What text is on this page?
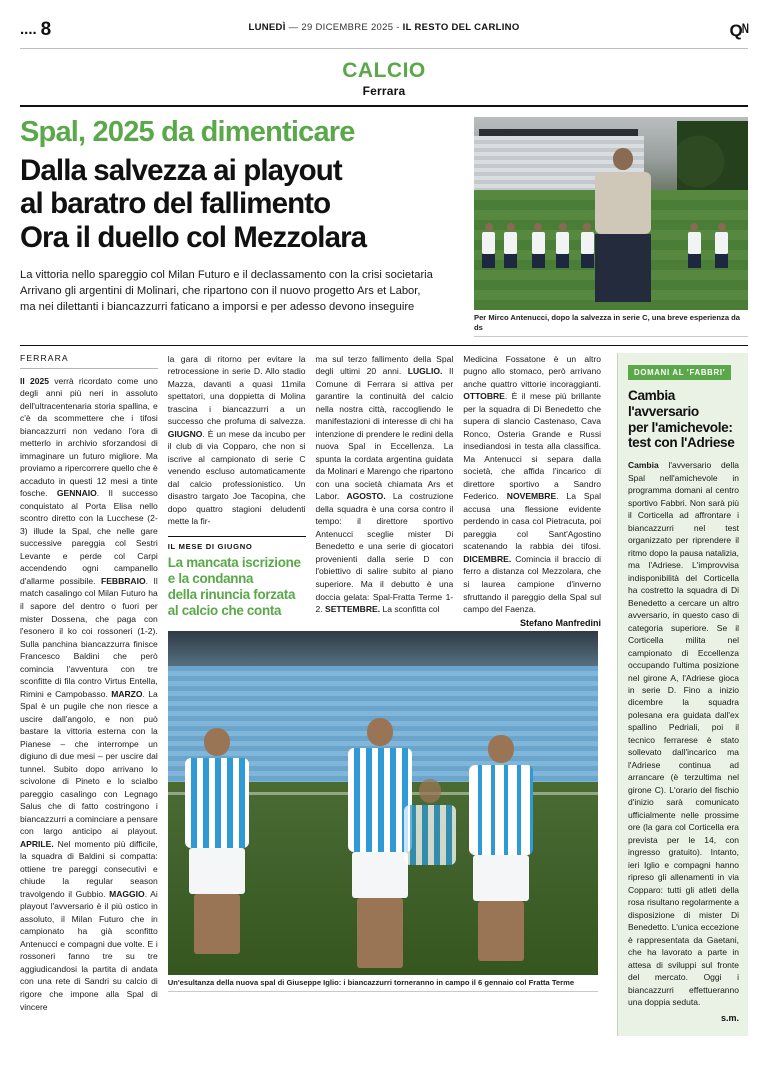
.... 8	LUNEDÌ — 29 DICEMBRE 2025 - IL RESTO DEL CARLINO	Q N
CALCIO
Ferrara
Spal, 2025 da dimenticare
Dalla salvezza ai playout
al baratro del fallimento
Ora il duello col Mezzolara
La vittoria nello spareggio col Milan Futuro e il declassamento con la crisi societaria
Arrivano gli argentini di Molinari, che ripartono con il nuovo progetto Ars et Labor,
ma nei dilettanti i biancazzurri faticano a imporsi e per adesso devono inseguire
Per Mirco Antenucci, dopo la salvezza in serie C, una breve esperienza da ds
FERRARA
Il 2025 verrà ricordato come uno degli anni più neri in assoluto dell'ultracentenaria storia spallina, e c'è da scommettere che i tifosi biancazzurri non vedano l'ora di metterlo in archivio sforzandosi di immaginare un futuro migliore. Ma proviamo a ripercorrere quello che è accaduto in questi 12 mesi a tinte fosche. GENNAIO. Il successo conquistato al Porta Elisa nello scontro diretto con la Lucchese (2-3) illude la Spal, che nelle gare successive pareggia col Sestri Levante e perde col Carpi accendendo ogni campanello d'allarme possibile. FEBBRAIO. Il match casalingo col Milan Futuro ha il sapore del dentro o fuori per mister Dossena, che paga con l'esonero il ko coi rossoneri (1-2). Sulla panchina biancazzurra finisce Francesco Baldini che però comincia l'avventura con tre sconfitte di fila contro Virtus Entella, Rimini e Campobasso. MARZO. La Spal è un pugile che non riesce a uscire dall'angolo, e non può bastare la vittoria esterna con la Pianese – che interrompe un digiuno di due mesi – per uscire dal tunnel. Subito dopo arrivano lo scivolone di Pineto e lo scialbo pareggio casalingo con Legnago Salus che di fatto costringono i biancazzurri a cominciare a pensare con largo anticipo ai playout. APRILE. Nel momento più difficile, la squadra di Baldini si compatta: ottiene tre pareggi consecutivi e chiude la regular season travolgendo il Gubbio. MAGGIO. Ai playout l'avversario è il più ostico in assoluto, il Milan Futuro che in campionato ha già sconfitto Antenucci e compagni due volte. E i rossoneri fanno tre su tre aggiudicandosi la partita di andata con una rete di Sandri su calcio di rigore che impone alla Spal di vincere
la gara di ritorno per evitare la retrocessione in serie D. Allo stadio Mazza, davanti a quasi 11mila spettatori, una doppietta di Molina trascina i biancazzurri a un successo che profuma di salvezza. GIUGNO. È un mese da incubo per il club di via Copparo, che non si iscrive al campionato di serie C venendo escluso automaticamente dal calcio professionistico. Un disastro targato Joe Tacopina, che dopo quattro stagioni deludenti mette la fir-
IL MESE DI GIUGNO
La mancata iscrizione
e la condanna
della rinuncia forzata
al calcio che conta
Un'esultanza della nuova spal di Giuseppe Iglio: i biancazzurri torneranno in campo il 6 gennaio col Fratta Terme
ma sul terzo fallimento della Spal degli ultimi 20 anni. LUGLIO. Il Comune di Ferrara si attiva per garantire la continuità del calcio nella nostra città, raccogliendo le manifestazioni di interesse di chi ha intenzione di prendere le redini della nuova Spal in Eccellenza. La spunta la cordata argentina guidata da Molinari e Marengo che ripartono con una società chiamata Ars et Labor. AGOSTO. La costruzione della squadra è una corsa contro il tempo: il direttore sportivo Antenucci sceglie mister Di Benedetto e una serie di giocatori provenienti dalla serie D con l'obiettivo di salire subito al piano superiore. Ma il debutto è una doccia gelata: Spal-Fratta Terme 1-2. SETTEMBRE. La sconfitta col
Medicina Fossatone è un altro pugno allo stomaco, però arrivano anche quattro vittorie incoraggianti. OTTOBRE. È il mese più brillante per la squadra di Di Benedetto che supera di slancio Castenaso, Cava Ronco, Osteria Grande e Russi insediandosi in testa alla classifica. Ma Antenucci si separa dalla società, che affida l'incarico di direttore sportivo a Sandro Federico. NOVEMBRE. La Spal accusa una flessione evidente perdendo in casa col Pietracuta, poi pareggia col Sant'Agostino scatenando la rabbia dei tifosi. DICEMBRE. Comincia il braccio di ferro a distanza col Mezzolara, che si laurea campione d'inverno sfruttando il pareggio della Spal sul campo del Faenza.
Stefano Manfredini
DOMANI AL 'FABBRI'
Cambia l'avversario
per l'amichevole:
test con l'Adriese
Cambia l'avversario della Spal nell'amichevole in programma domani al centro sportivo Fabbri. Non sarà più il Corticella ad affrontare i biancazzurri nel test organizzato per riprendere il ritmo dopo la pausa natalizia, ma l'Adriese. L'improvvisa indisponibilità del Corticella ha costretto la squadra di Di Benedetto a cercare un altro avversario, in questo caso di categoria superiore. Se il Corticella milita nel campionato di Eccellenza occupando l'ultima posizione nel girone A, l'Adriese gioca in serie D. Fino a inizio dicembre la squadra polesana era guidata dall'ex spallino Pedriali, poi il tecnico ferrarese è stato sollevato dall'incarico ma l'Adriese continua ad arrancare (è terzultima nel girone C). L'orario del fischio d'inizio sarà comunicato ufficialmente nelle prossime ore (la gara col Corticella era prevista per le 14, con ingresso gratuito). Intanto, ieri Iglio e compagni hanno ripreso gli allenamenti in via Copparo: tutti gli atleti della rosa risultano regolarmente a disposizione di mister Di Benedetto. L'unica eccezione è rappresentata da Gaetani, che ha lavorato a parte in attesa di sviluppi sul fronte del mercato. Oggi i biancazzurri effettueranno una doppia seduta.
s.m.
